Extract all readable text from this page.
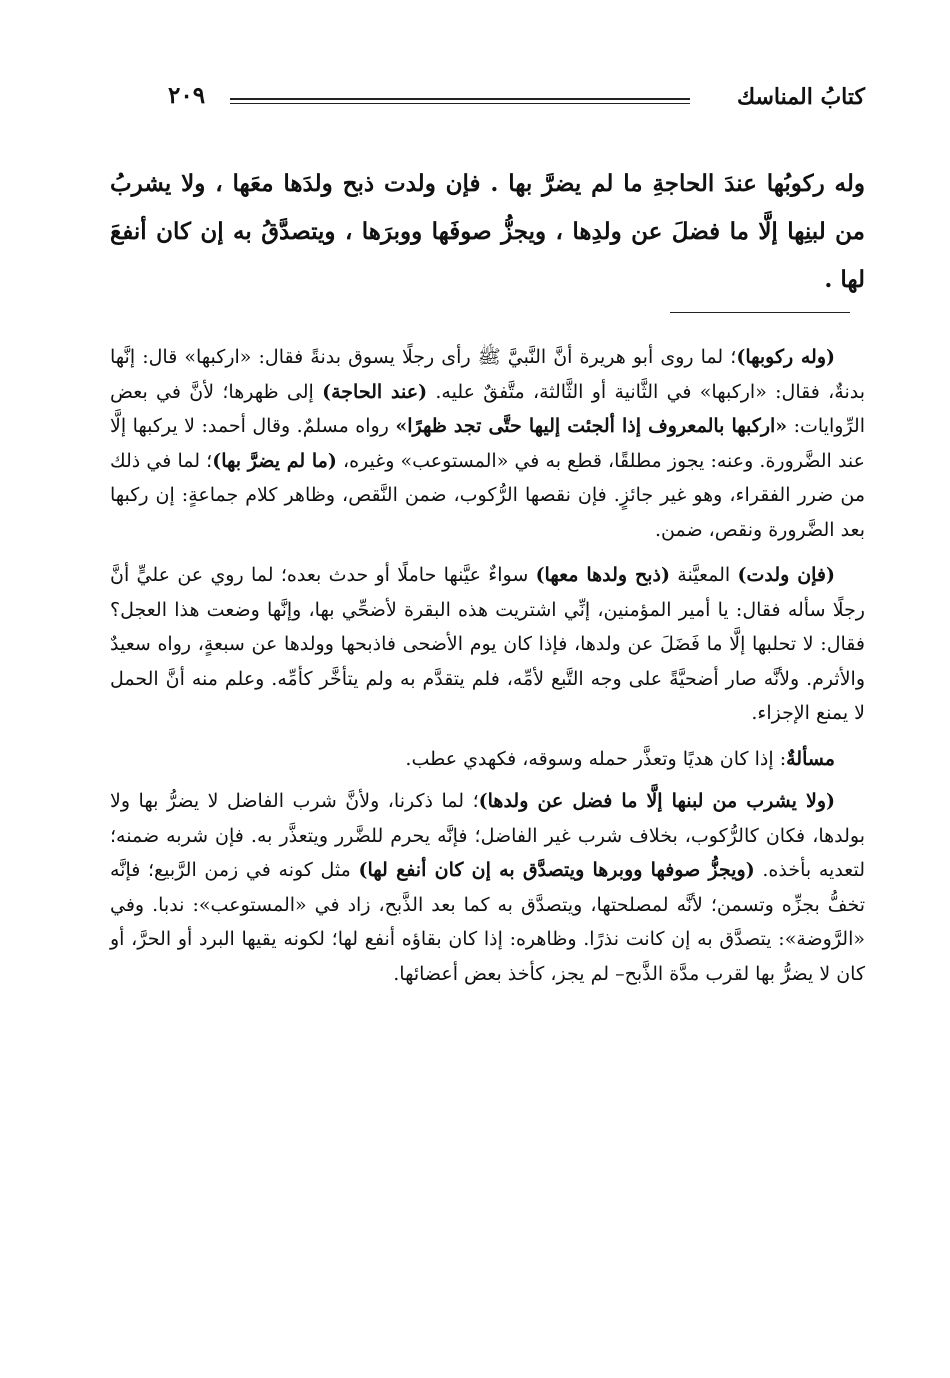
كتابُ المناسك
٢٠٩
وله ركوبُها عندَ الحاجةِ ما لم يضرَّ بها . فإن ولدت ذبح ولدَها معَها ، ولا يشربُ من لبنِها إلَّا ما فضلَ عن ولدِها ، ويجزُّ صوفَها ووبرَها ، ويتصدَّقُ به إن كان أنفعَ لها .

(وله ركوبها)؛ لما روى أبو هريرة أنَّ النَّبيَّ ﷺ رأى رجلًا يسوق بدنةً فقال: «اركبها» قال: إنَّها بدنةٌ، فقال: «اركبها» في الثَّانية أو الثَّالثة، متَّفقٌ عليه. (عند الحاجة) إلى ظهرها؛ لأنَّ في بعض الرِّوايات: «اركبها بالمعروف إذا ألجئت إليها حتَّى تجد ظهرًا» رواه مسلمٌ. وقال أحمد: لا يركبها إلَّا عند الضَّرورة. وعنه: يجوز مطلقًا، قطع به في «المستوعب» وغيره، (ما لم يضرَّ بها)؛ لما في ذلك من ضرر الفقراء، وهو غير جائزٍ. فإن نقصها الرُّكوب، ضمن النَّقص، وظاهر كلام جماعةٍ: إن ركبها بعد الضَّرورة ونقص، ضمن.

(فإن ولدت) المعيَّنة (ذبح ولدها معها) سواءٌ عيَّنها حاملًا أو حدث بعده؛ لما روي عن عليٍّ أنَّ رجلًا سأله فقال: يا أمير المؤمنين، إنِّي اشتريت هذه البقرة لأضحِّي بها، وإنَّها وضعت هذا العجل؟ فقال: لا تحلبها إلَّا ما فَضَلَ عن ولدها، فإذا كان يوم الأضحى فاذبحها وولدها عن سبعةٍ، رواه سعيدٌ والأثرم. ولأنَّه صار أضحيَّةً على وجه التَّبع لأمِّه، فلم يتقدَّم به ولم يتأخَّر كأمِّه. وعلم منه أنَّ الحمل لا يمنع الإجزاء.

مسألةٌ: إذا كان هديًا وتعذَّر حمله وسوقه، فكهدي عطب.

(ولا يشرب من لبنها إلَّا ما فضل عن ولدها)؛ لما ذكرنا، ولأنَّ شرب الفاضل لا يضرُّ بها ولا بولدها، فكان كالرُّكوب، بخلاف شرب غير الفاضل؛ فإنَّه يحرم للضَّرر ويتعذَّر به. فإن شربه ضمنه؛ لتعديه بأخذه. (ويجزُّ صوفها ووبرها ويتصدَّق به إن كان أنفع لها) مثل كونه في زمن الرَّبيع؛ فإنَّه تخفُّ بجزِّه وتسمن؛ لأنَّه لمصلحتها، ويتصدَّق به كما بعد الذَّبح، زاد في «المستوعب»: ندبا. وفي «الرَّوضة»: يتصدَّق به إن كانت نذرًا. وظاهره: إذا كان بقاؤه أنفع لها؛ لكونه يقيها البرد أو الحرَّ، أو كان لا يضرُّ بها لقرب مدَّة الذَّبح– لم يجز، كأخذ بعض أعضائها.
